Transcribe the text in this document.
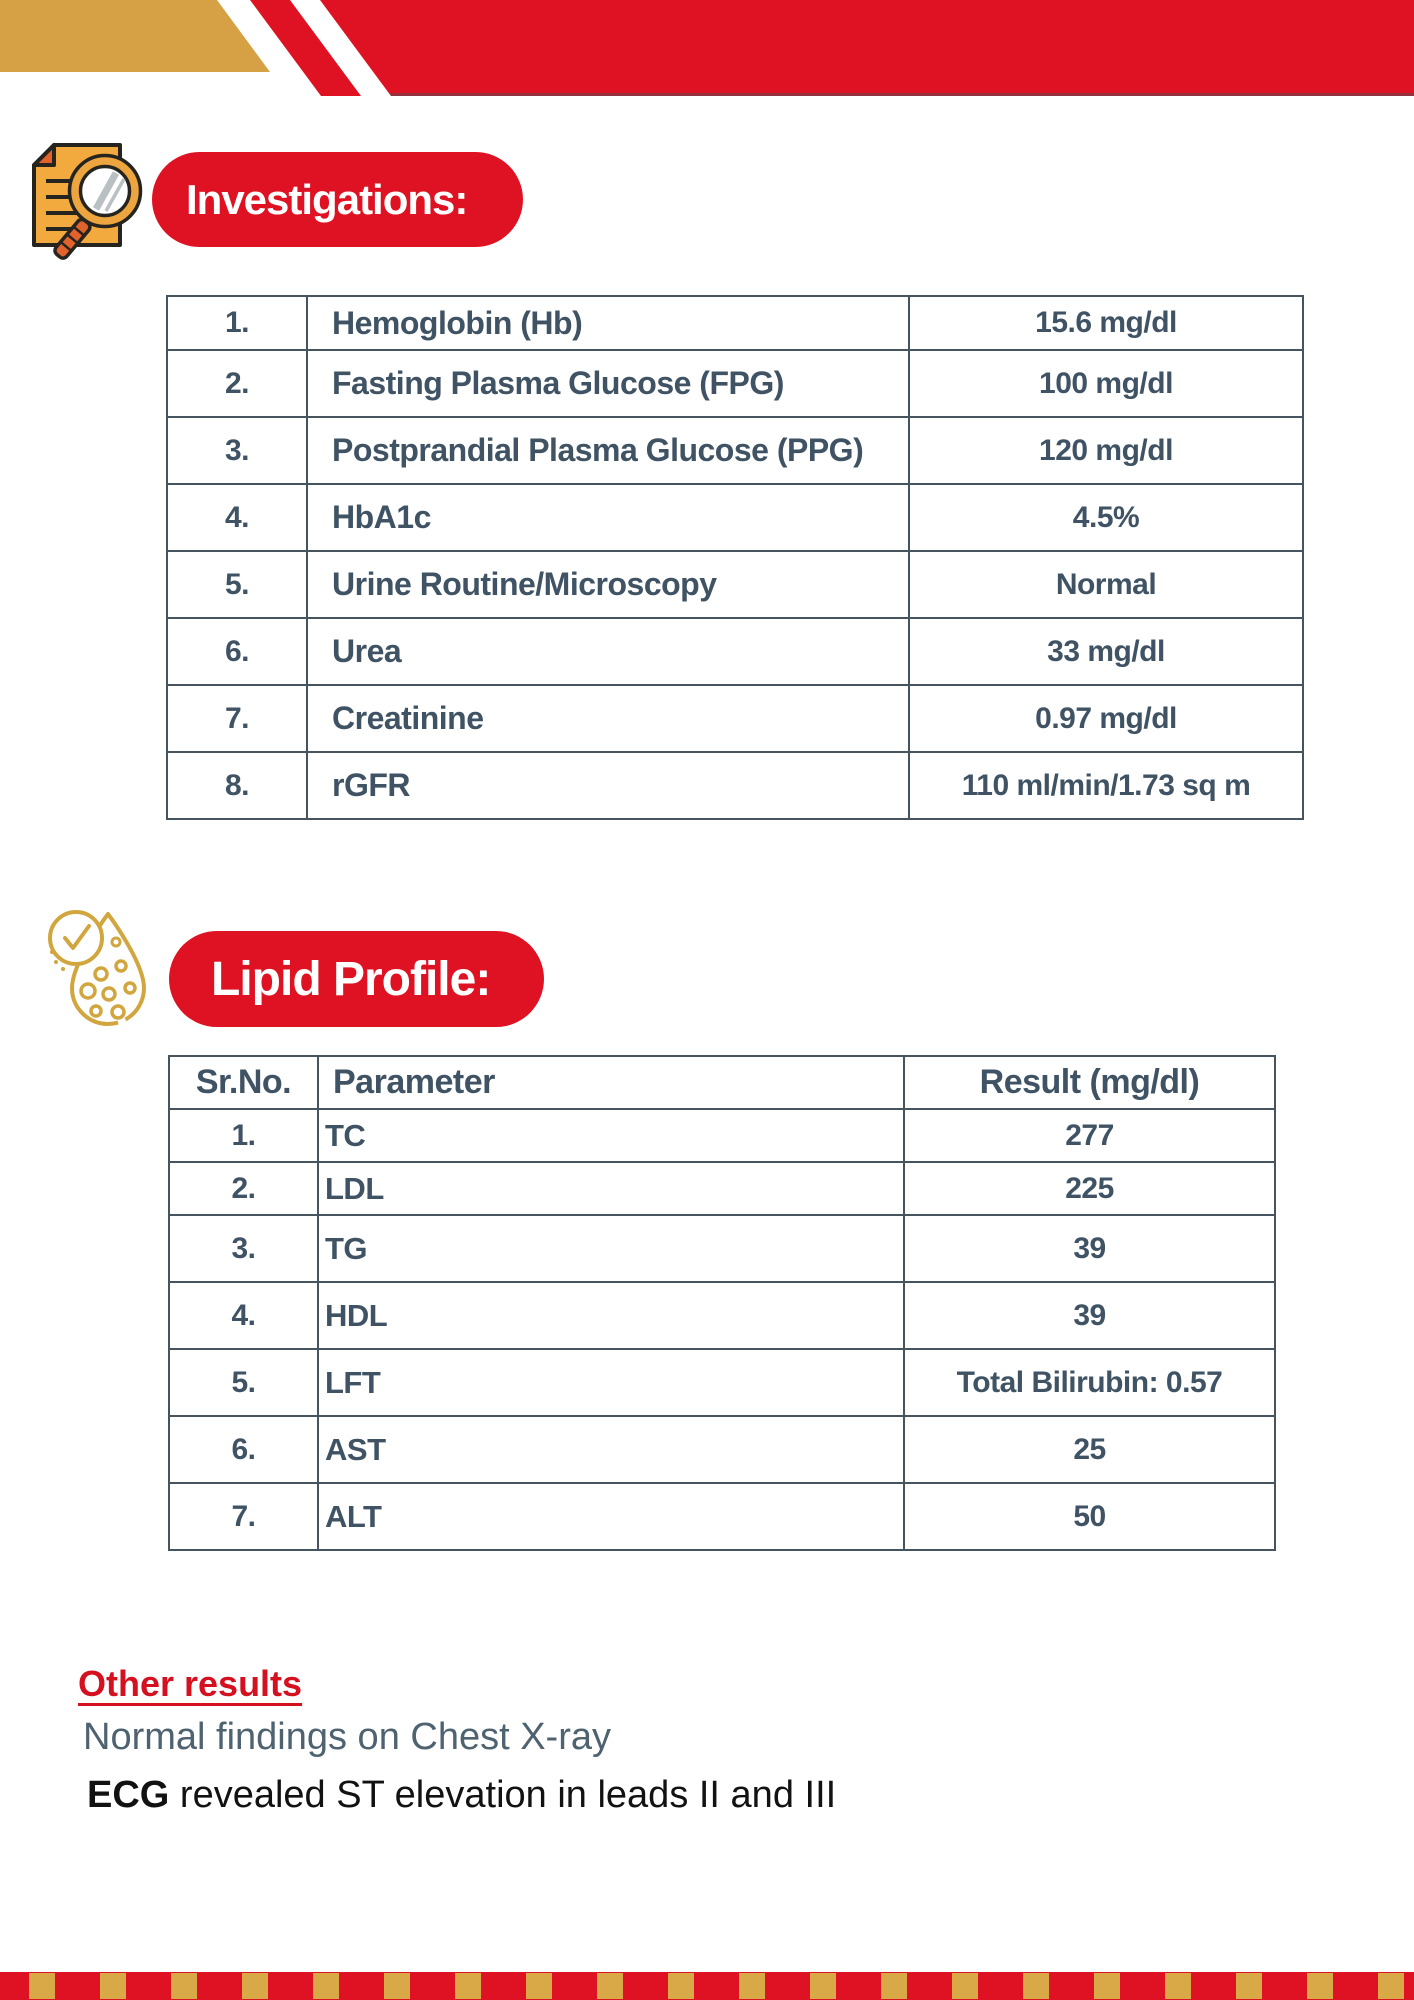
Investigations:
1.	Hemoglobin (Hb)	15.6 mg/dl
2.	Fasting Plasma Glucose (FPG)	100 mg/dl
3.	Postprandial Plasma Glucose (PPG)	120 mg/dl
4.	HbA1c	4.5%
5.	Urine Routine/Microscopy	Normal
6.	Urea	33 mg/dl
7.	Creatinine	0.97 mg/dl
8.	rGFR	110 ml/min/1.73 sq m
Lipid Profile:
Sr.No.	Parameter	Result (mg/dl)
1.	TC	277
2.	LDL	225
3.	TG	39
4.	HDL	39
5.	LFT	Total Bilirubin: 0.57
6.	AST	25
7.	ALT	50
Other results
Normal findings on Chest X-ray
ECG revealed ST elevation in leads II and III
